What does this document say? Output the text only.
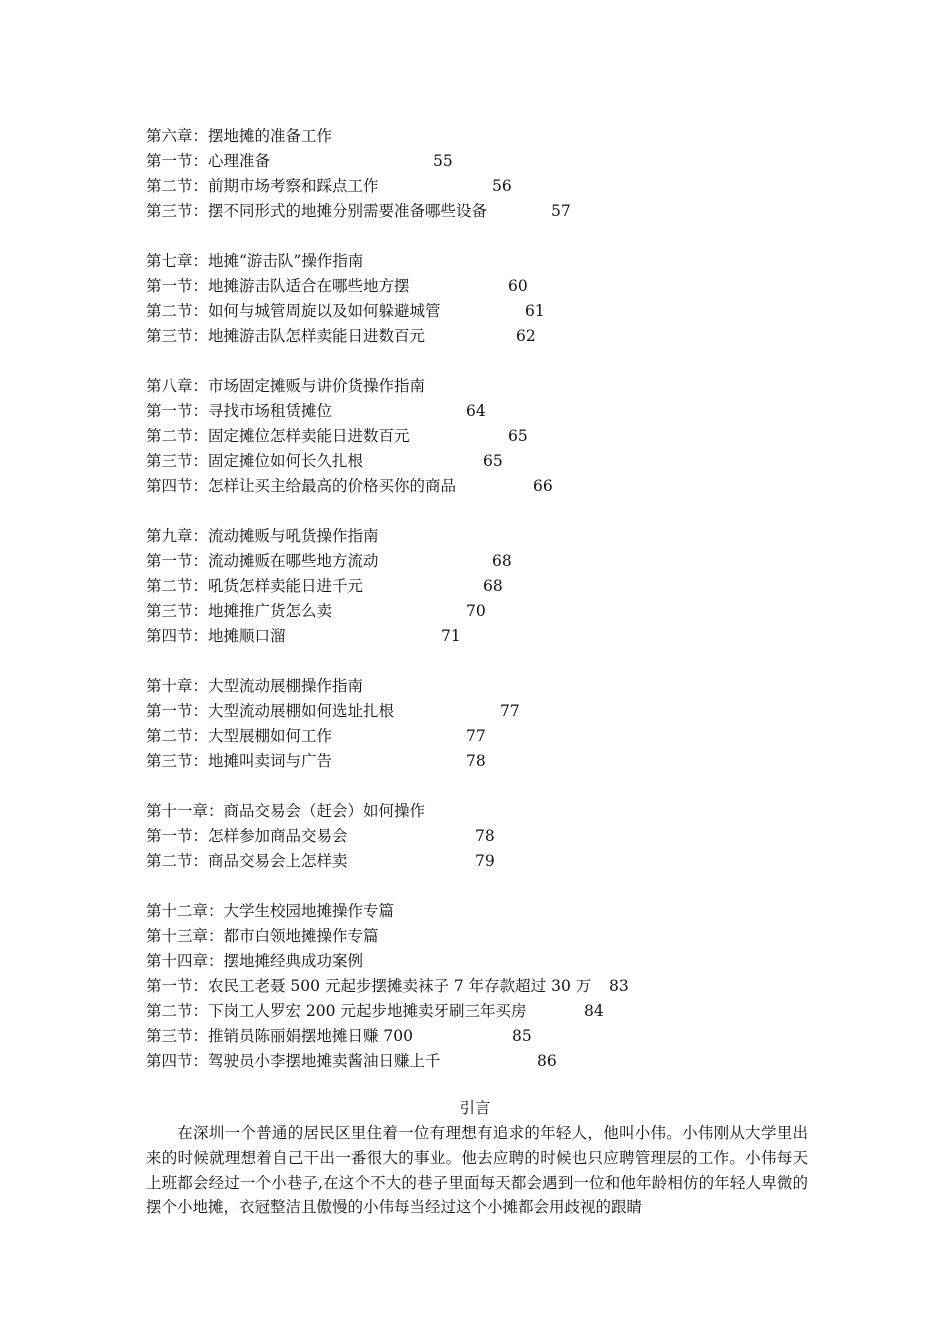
第六章：摆地摊的准备工作
第一节：心理准备	55
第二节：前期市场考察和踩点工作	56
第三节：摆不同形式的地摊分别需要准备哪些设备	57
第七章：地摊“游击队”操作指南
第一节：地摊游击队适合在哪些地方摆	60
第二节：如何与城管周旋以及如何躲避城管	61
第三节：地摊游击队怎样卖能日进数百元	62
第八章：市场固定摊贩与讲价货操作指南
第一节：寻找市场租赁摊位	64
第二节：固定摊位怎样卖能日进数百元	65
第三节：固定摊位如何长久扎根	65
第四节：怎样让买主给最高的价格买你的商品	66
第九章：流动摊贩与吼货操作指南
第一节：流动摊贩在哪些地方流动	68
第二节：吼货怎样卖能日进千元	68
第三节：地摊推广货怎么卖	70
第四节：地摊顺口溜	71
第十章：大型流动展棚操作指南
第一节：大型流动展棚如何选址扎根	77
第二节：大型展棚如何工作	77
第三节：地摊叫卖词与广告	78
第十一章：商品交易会（赶会）如何操作
第一节：怎样参加商品交易会	78
第二节：商品交易会上怎样卖	79
第十二章：大学生校园地摊操作专篇
第十三章：都市白领地摊操作专篇
第十四章：摆地摊经典成功案例
第一节：农民工老聂 500 元起步摆摊卖袜子 7 年存款超过 30 万 83
第二节：下岗工人罗宏 200 元起步地摊卖牙刷三年买房	84
第三节：推销员陈丽娟摆地摊日赚 700	85
第四节：驾驶员小李摆地摊卖酱油日赚上千	86
引言
在深圳一个普通的居民区里住着一位有理想有追求的年轻人，他叫小伟。小伟刚从大学里出来的时候就理想着自己干出一番很大的事业。他去应聘的时候也只应聘管理层的工作。小伟每天上班都会经过一个小巷子,在这个不大的巷子里面每天都会遇到一位和他年龄相仿的年轻人卑微的摆个小地摊，衣冠整洁且傲慢的小伟每当经过这个小摊都会用歧视的跟睛
